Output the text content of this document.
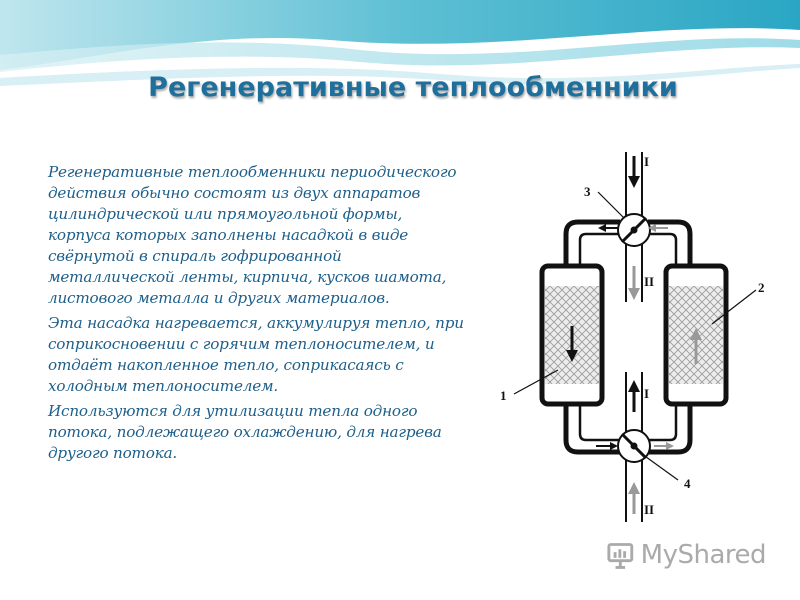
Регенеративные теплообменники

Регенеративные теплообменники периодического действия обычно состоят из двух аппаратов цилиндрической или прямоугольной формы, корпуса которых заполнены насадкой в виде свёрнутой в спираль гофрированной металлической ленты, кирпича, кусков шамота, листового металла и других материалов.

Эта насадка нагревается, аккумулируя тепло, при соприкосновении с горячим теплоносителем, и отдаёт накопленное тепло, соприкасаясь с холодным теплоносителем.

Используются для утилизации тепла одного потока, подлежащего охлаждению, для нагрева другого потока.

3
1
2
4
I
II
I
II
MyShared
